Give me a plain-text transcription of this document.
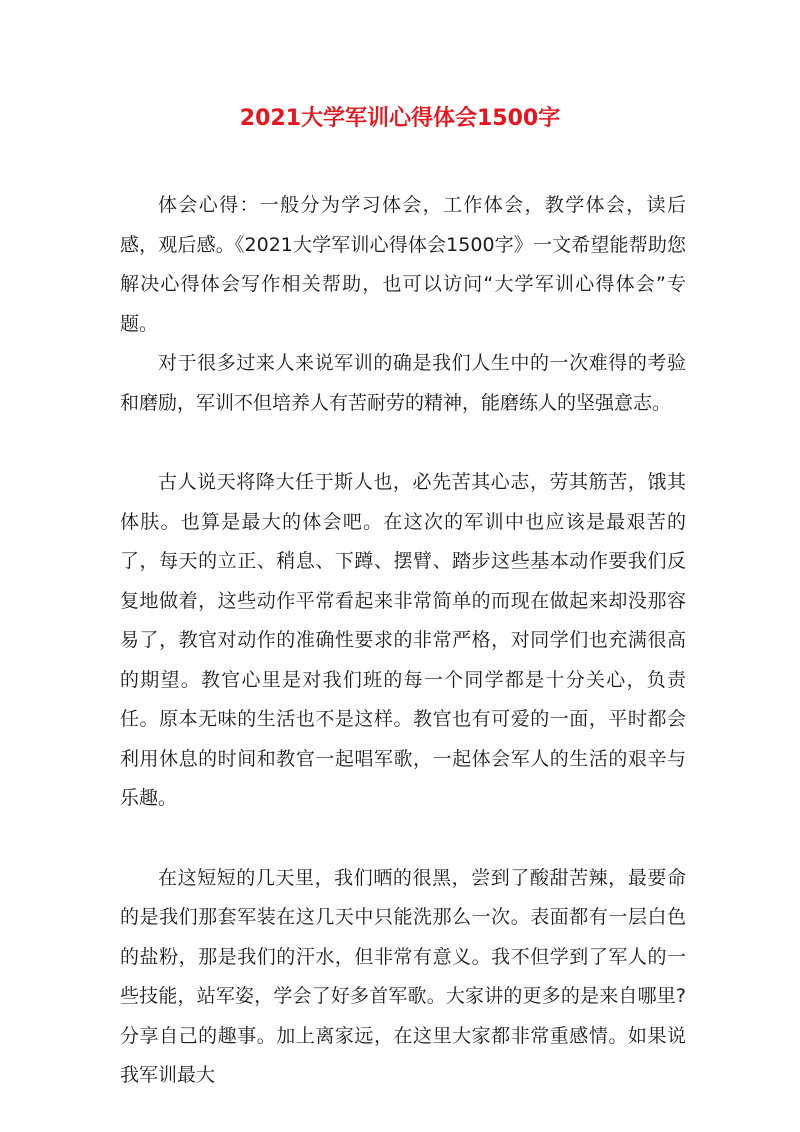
2021大学军训心得体会1500字

体会心得：一般分为学习体会，工作体会，教学体会，读后感，观后感。《2021大学军训心得体会1500字》一文希望能帮助您解决心得体会写作相关帮助，也可以访问“大学军训心得体会”专题。

对于很多过来人来说军训的确是我们人生中的一次难得的考验和磨励，军训不但培养人有苦耐劳的精神，能磨练人的坚强意志。

古人说天将降大任于斯人也，必先苦其心志，劳其筋苦，饿其体肤。也算是最大的体会吧。在这次的军训中也应该是最艰苦的了，每天的立正、稍息、下蹲、摆臂、踏步这些基本动作要我们反复地做着，这些动作平常看起来非常简单的而现在做起来却没那容易了，教官对动作的准确性要求的非常严格，对同学们也充满很高的期望。教官心里是对我们班的每一个同学都是十分关心，负责任。原本无味的生活也不是这样。教官也有可爱的一面，平时都会利用休息的时间和教官一起唱军歌，一起体会军人的生活的艰辛与乐趣。

在这短短的几天里，我们晒的很黑，尝到了酸甜苦辣，最要命的是我们那套军装在这几天中只能洗那么一次。表面都有一层白色的盐粉，那是我们的汗水，但非常有意义。我不但学到了军人的一些技能，站军姿，学会了好多首军歌。大家讲的更多的是来自哪里?分享自己的趣事。加上离家远，在这里大家都非常重感情。如果说我军训最大
